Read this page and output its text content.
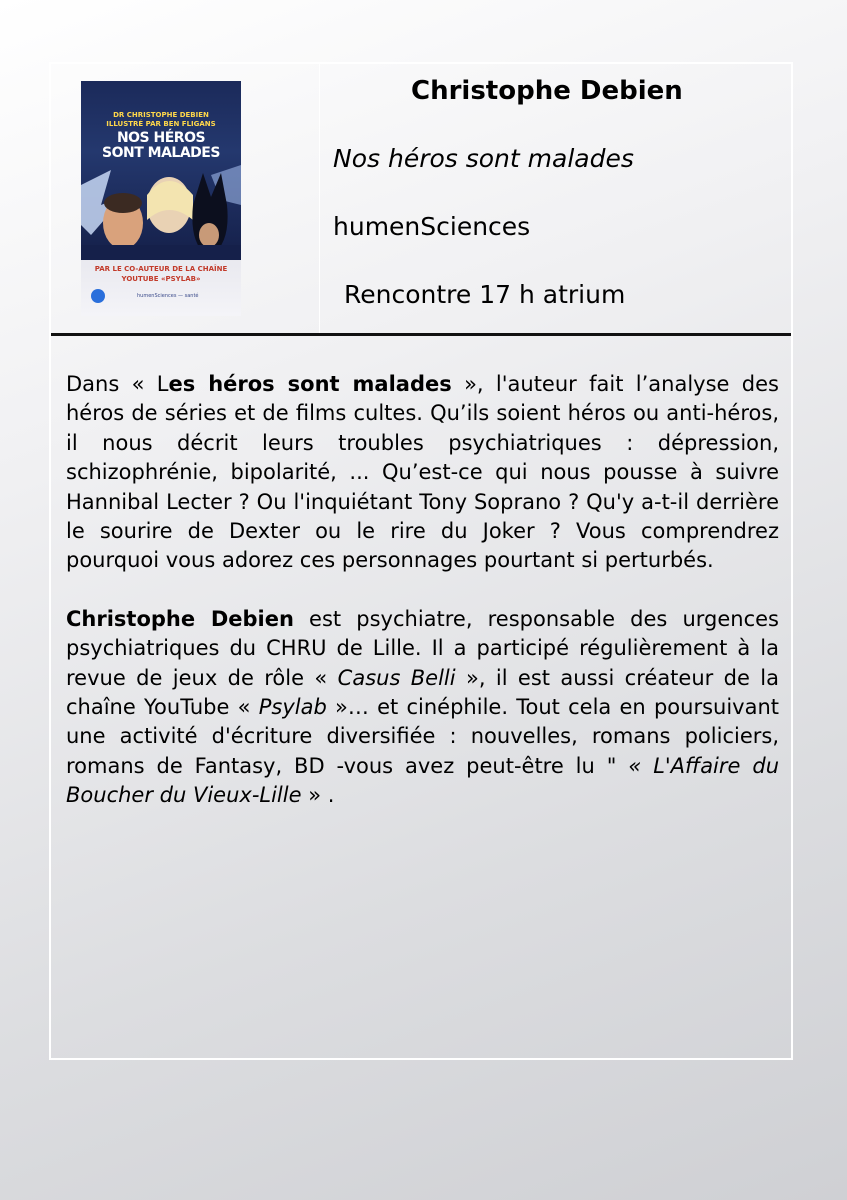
DR CHRISTOPHE DEBIEN
ILLUSTRÉ PAR BEN FLIGANS
NOS HÉROS
SONT MALADES
PAR LE CO-AUTEUR DE LA CHAÎNE
YOUTUBE «PSYLAB»
humenSciences — santé
Christophe Debien
Nos héros sont malades
humenSciences
Rencontre 17 h atrium

Dans « Les héros sont malades », l'auteur fait l’analyse des héros de séries et de films cultes. Qu’ils soient héros ou anti-héros, il nous décrit leurs troubles psychiatriques : dépression, schizophrénie, bipolarité, ... Qu’est-ce qui nous pousse à suivre Hannibal Lecter ? Ou l'inquiétant Tony Soprano ? Qu'y a-t-il derrière le sourire de Dexter ou le rire du Joker ? Vous comprendrez pourquoi vous adorez ces personnages pourtant si perturbés.

Christophe Debien est psychiatre, responsable des urgences psychiatriques du CHRU de Lille. Il a participé régulièrement à la revue de jeux de rôle « Casus Belli », il est aussi créateur de la chaîne YouTube « Psylab »… et cinéphile. Tout cela en poursuivant une activité d'écriture diversifiée : nouvelles, romans policiers, romans de Fantasy, BD -vous avez peut-être lu " « L'Affaire du Boucher du Vieux-Lille » .
